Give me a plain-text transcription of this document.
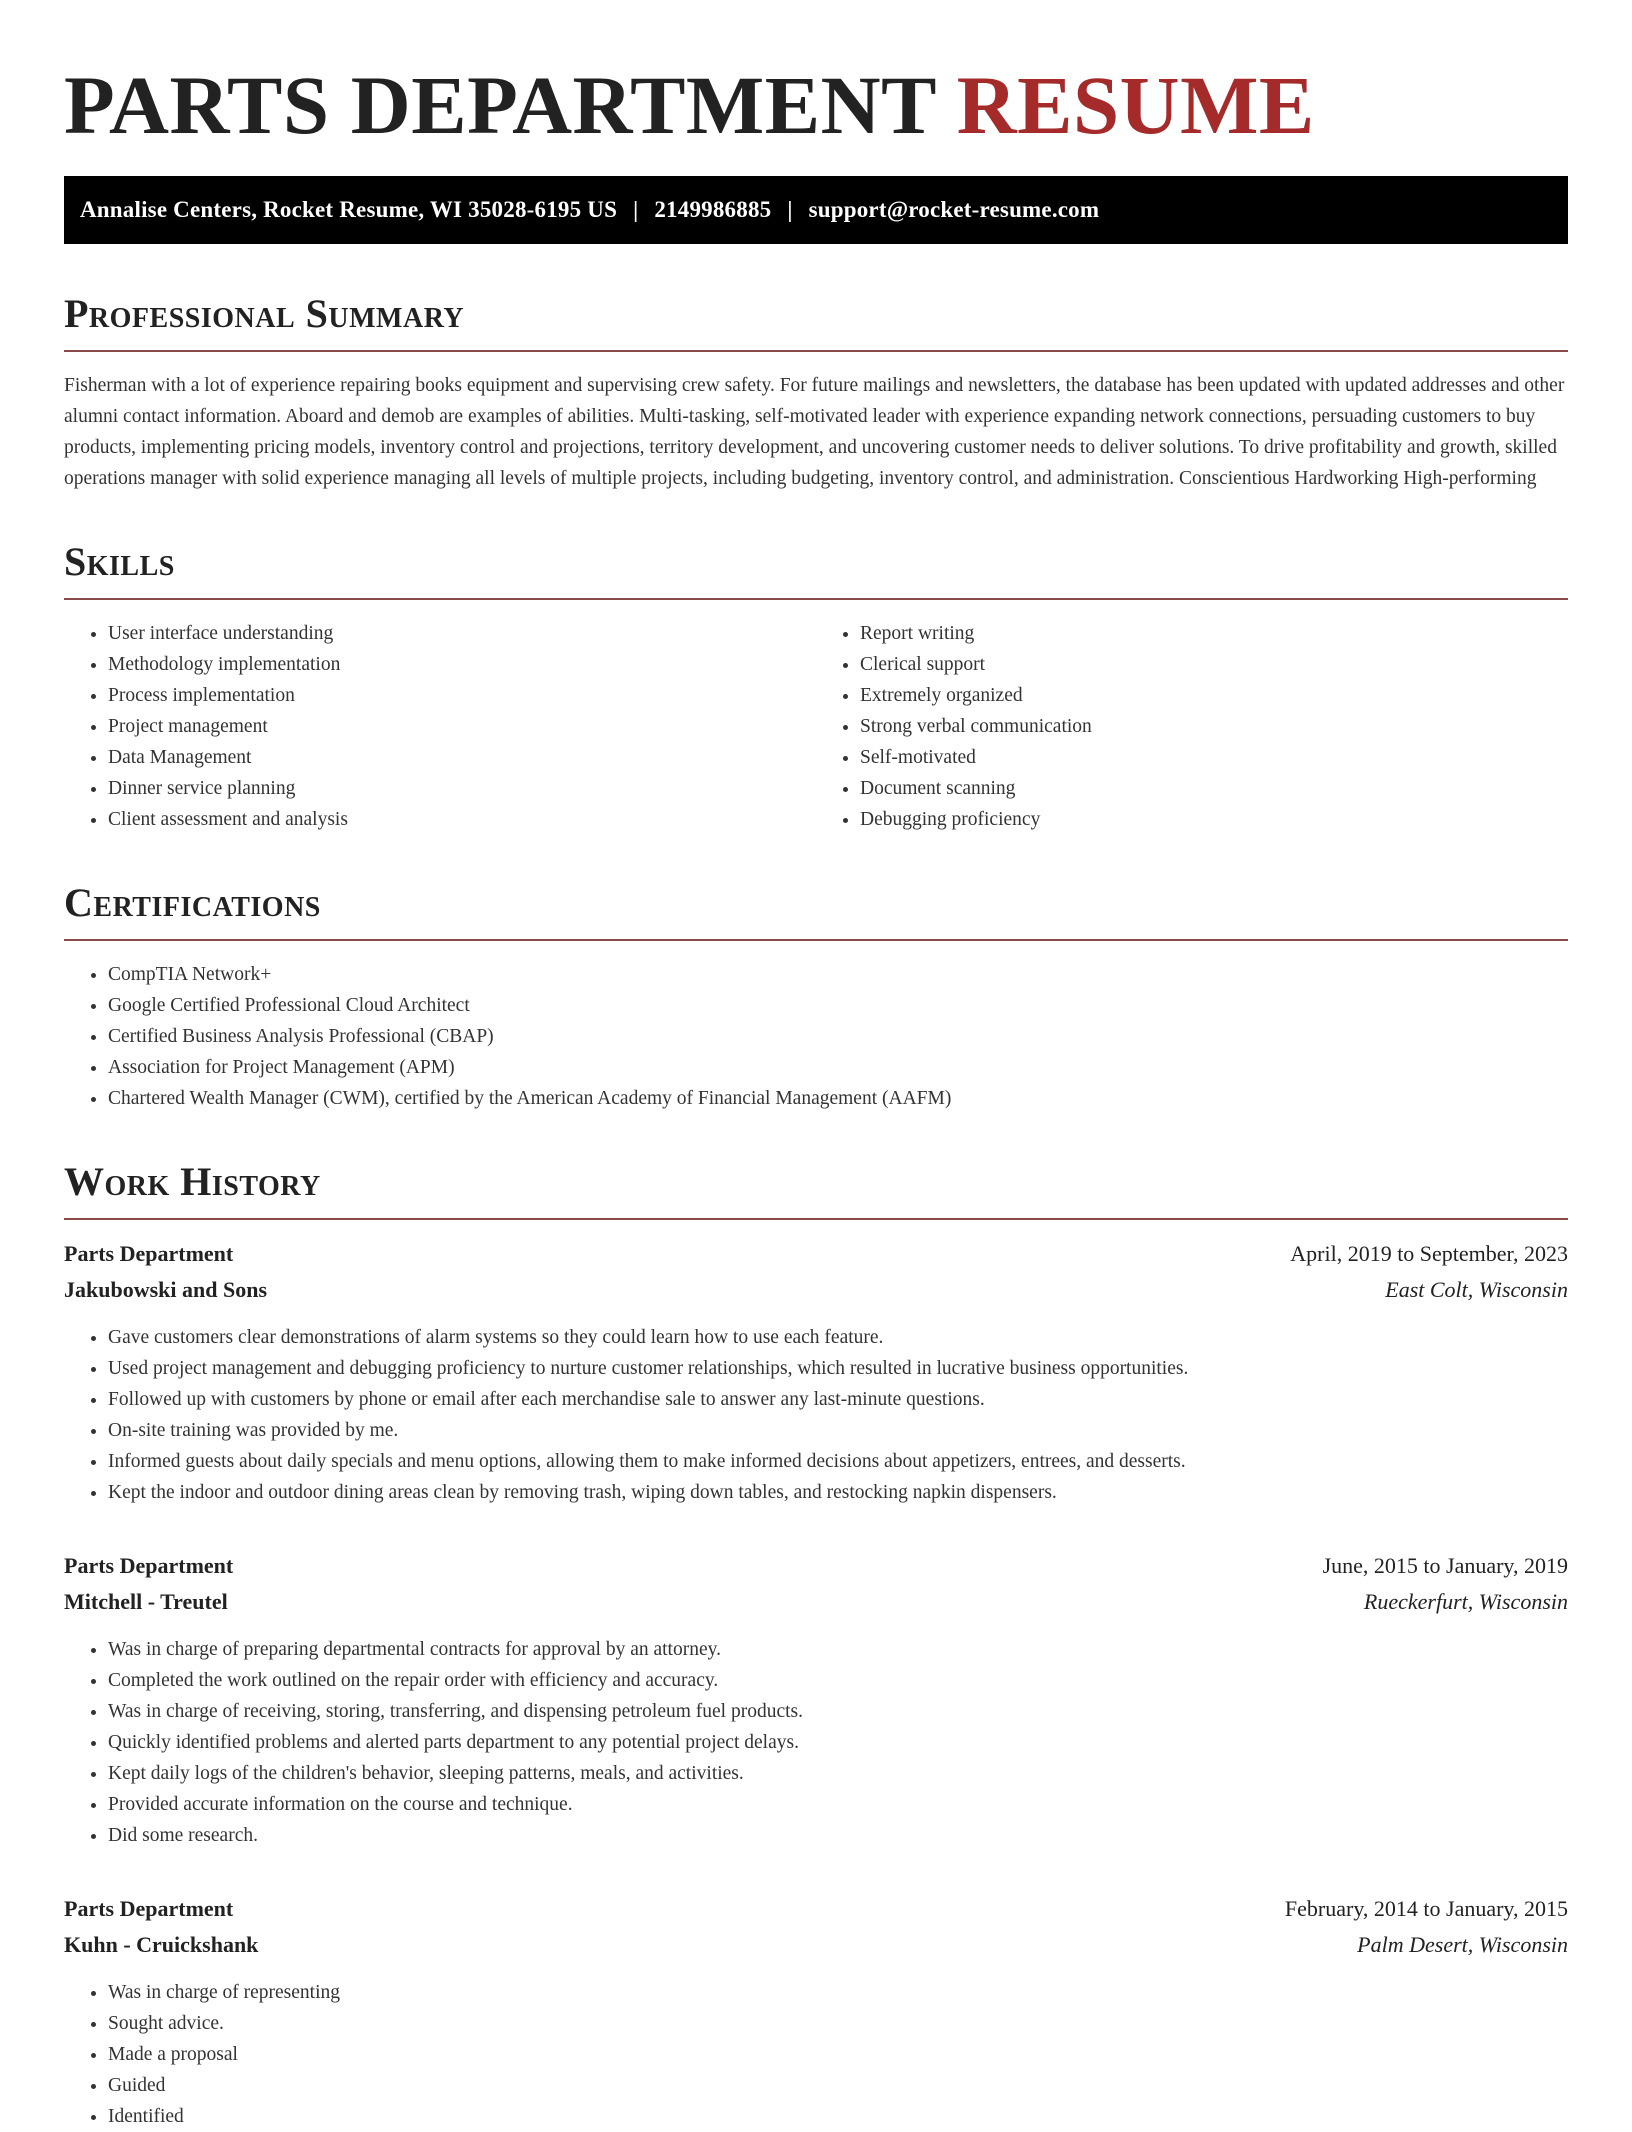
PARTS DEPARTMENT RESUME
Annalise Centers, Rocket Resume, WI 35028-6195 US | 2149986885 | support@rocket-resume.com
Professional Summary

Fisherman with a lot of experience repairing books equipment and supervising crew safety. For future mailings and newsletters, the database has been updated with updated addresses and other alumni contact information. Aboard and demob are examples of abilities. Multi-tasking, self-motivated leader with experience expanding network connections, persuading customers to buy products, implementing pricing models, inventory control and projections, territory development, and uncovering customer needs to deliver solutions. To drive profitability and growth, skilled operations manager with solid experience managing all levels of multiple projects, including budgeting, inventory control, and administration. Conscientious Hardworking High-performing

Skills
• User interface understanding
• Methodology implementation
• Process implementation
• Project management
• Data Management
• Dinner service planning
• Client assessment and analysis
• Report writing
• Clerical support
• Extremely organized
• Strong verbal communication
• Self-motivated
• Document scanning
• Debugging proficiency
Certifications
• CompTIA Network+
• Google Certified Professional Cloud Architect
• Certified Business Analysis Professional (CBAP)
• Association for Project Management (APM)
• Chartered Wealth Manager (CWM), certified by the American Academy of Financial Management (AAFM)
Work History
Parts Department	April, 2019 to September, 2023
Jakubowski and Sons	East Colt, Wisconsin
• Gave customers clear demonstrations of alarm systems so they could learn how to use each feature.
• Used project management and debugging proficiency to nurture customer relationships, which resulted in lucrative business opportunities.
• Followed up with customers by phone or email after each merchandise sale to answer any last-minute questions.
• On-site training was provided by me.
• Informed guests about daily specials and menu options, allowing them to make informed decisions about appetizers, entrees, and desserts.
• Kept the indoor and outdoor dining areas clean by removing trash, wiping down tables, and restocking napkin dispensers.
Parts Department	June, 2015 to January, 2019
Mitchell - Treutel	Rueckerfurt, Wisconsin
• Was in charge of preparing departmental contracts for approval by an attorney.
• Completed the work outlined on the repair order with efficiency and accuracy.
• Was in charge of receiving, storing, transferring, and dispensing petroleum fuel products.
• Quickly identified problems and alerted parts department to any potential project delays.
• Kept daily logs of the children's behavior, sleeping patterns, meals, and activities.
• Provided accurate information on the course and technique.
• Did some research.
Parts Department	February, 2014 to January, 2015
Kuhn - Cruickshank	Palm Desert, Wisconsin
• Was in charge of representing
• Sought advice.
• Made a proposal
• Guided
• Identified
